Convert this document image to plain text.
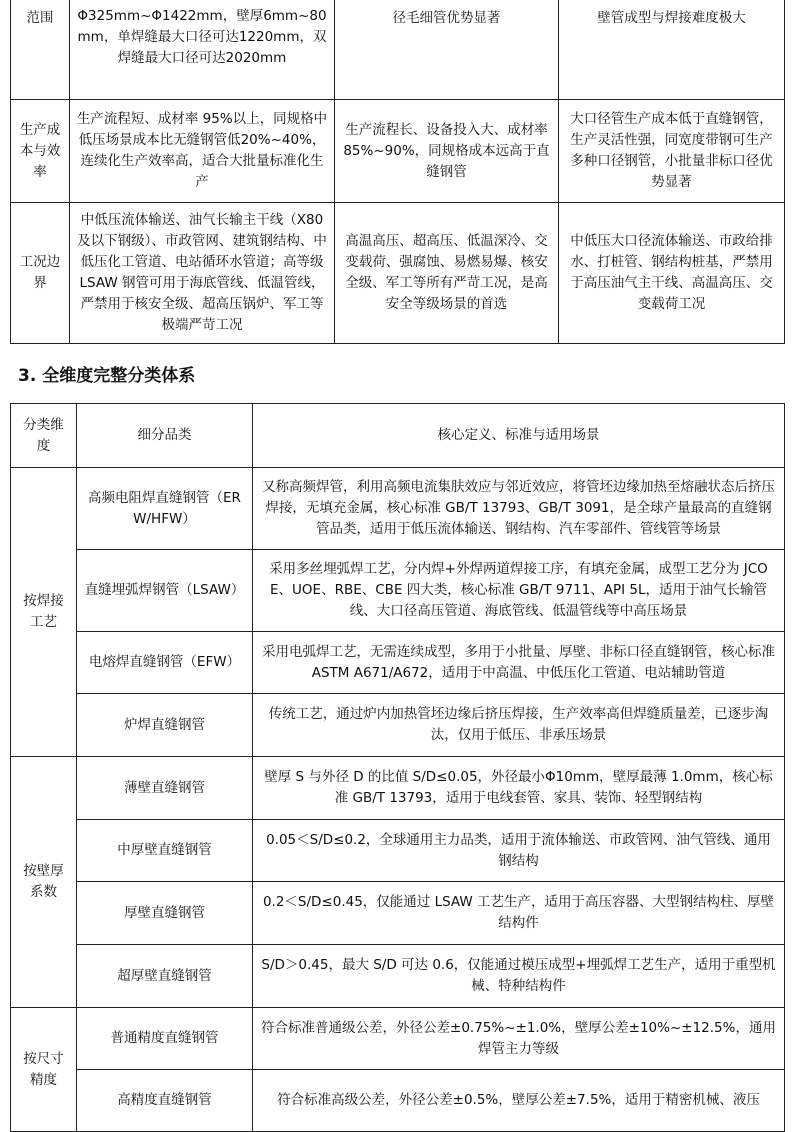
范围	Φ325mm~Φ1422mm，壁厚6mm~80mm，单焊缝最大口径可达1220mm，双焊缝最大口径可达2020mm	径毛细管优势显著	壁管成型与焊接难度极大
生产成本与效率	生产流程短、成材率 95%以上，同规格中低压场景成本比无缝钢管低20%~40%，连续化生产效率高，适合大批量标准化生产	生产流程长、设备投入大、成材率 85%~90%，同规格成本远高于直缝钢管	大口径管生产成本低于直缝钢管，生产灵活性强，同宽度带钢可生产多种口径钢管，小批量非标口径优势显著
工况边界	中低压流体输送、油气长输主干线（X80 及以下钢级）、市政管网、建筑钢结构、中低压化工管道、电站循环水管道；高等级 LSAW 钢管可用于海底管线、低温管线，严禁用于核安全级、超高压锅炉、军工等极端严苛工况	高温高压、超高压、低温深冷、交变载荷、强腐蚀、易燃易爆、核安全级、军工等所有严苛工况，是高安全等级场景的首选	中低压大口径流体输送、市政给排水、打桩管、钢结构桩基，严禁用于高压油气主干线、高温高压、交变载荷工况
3. 全维度完整分类体系
分类维度	细分品类	核心定义、标准与适用场景
按焊接工艺	高频电阻焊直缝钢管（ERW/HFW）	又称高频焊管，利用高频电流集肤效应与邻近效应，将管坯边缘加热至熔融状态后挤压焊接，无填充金属，核心标准 GB/T 13793、GB/T 3091，是全球产量最高的直缝钢管品类，适用于低压流体输送、钢结构、汽车零部件、管线管等场景
	直缝埋弧焊钢管（LSAW）	采用多丝埋弧焊工艺，分内焊+外焊两道焊接工序，有填充金属，成型工艺分为 JCOE、UOE、RBE、CBE 四大类，核心标准 GB/T 9711、API 5L，适用于油气长输管线、大口径高压管道、海底管线、低温管线等中高压场景
	电熔焊直缝钢管（EFW）	采用电弧焊工艺，无需连续成型，多用于小批量、厚壁、非标口径直缝钢管，核心标准 ASTM A671/A672，适用于中高温、中低压化工管道、电站辅助管道
	炉焊直缝钢管	传统工艺，通过炉内加热管坯边缘后挤压焊接，生产效率高但焊缝质量差，已逐步淘汰，仅用于低压、非承压场景
按壁厚系数	薄壁直缝钢管	壁厚 S 与外径 D 的比值 S/D≤0.05，外径最小Φ10mm，壁厚最薄 1.0mm，核心标准 GB/T 13793，适用于电线套管、家具、装饰、轻型钢结构
	中厚壁直缝钢管	0.05＜S/D≤0.2，全球通用主力品类，适用于流体输送、市政管网、油气管线、通用钢结构
	厚壁直缝钢管	0.2＜S/D≤0.45，仅能通过 LSAW 工艺生产，适用于高压容器、大型钢结构柱、厚壁结构件
	超厚壁直缝钢管	S/D＞0.45，最大 S/D 可达 0.6，仅能通过模压成型+埋弧焊工艺生产，适用于重型机械、特种结构件
按尺寸精度	普通精度直缝钢管	符合标准普通级公差，外径公差±0.75%~±1.0%，壁厚公差±10%~±12.5%，通用焊管主力等级
	高精度直缝钢管	符合标准高级公差，外径公差±0.5%，壁厚公差±7.5%，适用于精密机械、液压
